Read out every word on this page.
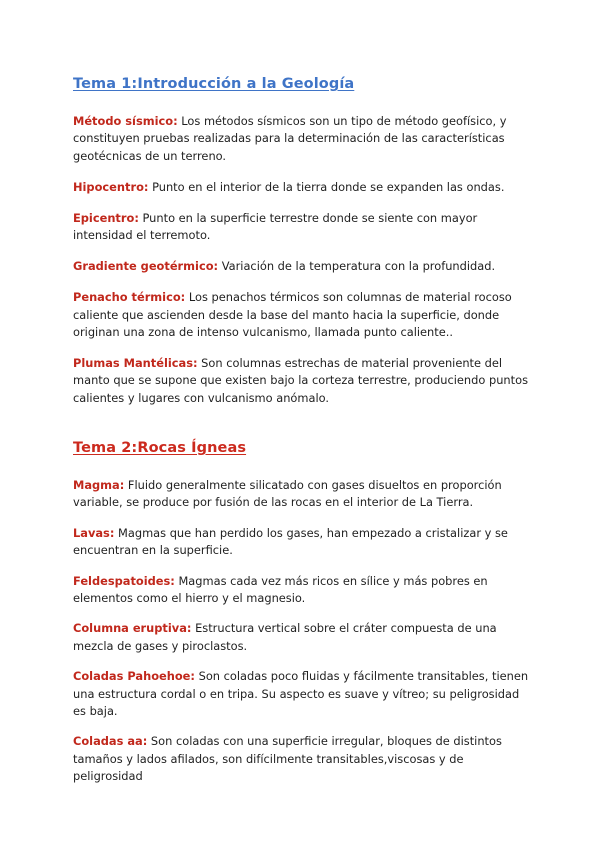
Tema 1:Introducción a la Geología

Método sísmico: Los métodos sísmicos son un tipo de método geofísico, y constituyen pruebas realizadas para la determinación de las características geotécnicas de un terreno.

Hipocentro: Punto en el interior de la tierra donde se expanden las ondas.

Epicentro: Punto en la superficie terrestre donde se siente con mayor intensidad el terremoto.

Gradiente geotérmico: Variación de la temperatura con la profundidad.

Penacho térmico: Los penachos térmicos son columnas de material rocoso caliente que ascienden desde la base del manto hacia la superficie, donde originan una zona de intenso vulcanismo, llamada punto caliente..

Plumas Mantélicas: Son columnas estrechas de material proveniente del manto que se supone que existen bajo la corteza terrestre, produciendo puntos calientes y lugares con vulcanismo anómalo.

Tema 2:Rocas Ígneas

Magma: Fluido generalmente silicatado con gases disueltos en proporción variable, se produce por fusión de las rocas en el interior de La Tierra.

Lavas: Magmas que han perdido los gases, han empezado a cristalizar y se encuentran en la superficie.

Feldespatoides: Magmas cada vez más ricos en sílice y más pobres en elementos como el hierro y el magnesio.

Columna eruptiva: Estructura vertical sobre el cráter compuesta de una mezcla de gases y piroclastos.

Coladas Pahoehoe: Son coladas poco fluidas y fácilmente transitables, tienen una estructura cordal o en tripa. Su aspecto es suave y vítreo; su peligrosidad es baja.

Coladas aa: Son coladas con una superficie irregular, bloques de distintos tamaños y lados afilados, son difícilmente transitables,viscosas y de peligrosidad
